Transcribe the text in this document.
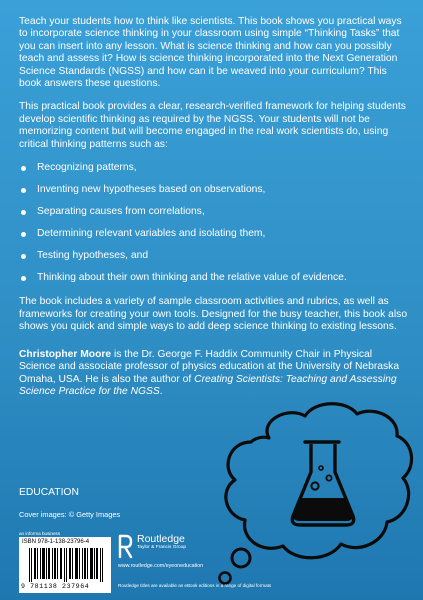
Teach your students how to think like scientists. This book shows you practical ways to incorporate science thinking in your classroom using simple “Thinking Tasks” that you can insert into any lesson. What is science thinking and how can you possibly teach and assess it? How is science thinking incorporated into the Next Generation Science Standards (NGSS) and how can it be weaved into your curriculum? This book answers these questions.

This practical book provides a clear, research-verified framework for helping students develop scientific thinking as required by the NGSS. Your students will not be memorizing content but will become engaged in the real work scientists do, using critical thinking patterns such as:

Recognizing patterns,
Inventing new hypotheses based on observations,
Separating causes from correlations,
Determining relevant variables and isolating them,
Testing hypotheses, and
Thinking about their own thinking and the relative value of evidence.

The book includes a variety of sample classroom activities and rubrics, as well as frameworks for creating your own tools. Designed for the busy teacher, this book also shows you quick and simple ways to add deep science thinking to existing lessons.

Christopher Moore is the Dr. George F. Haddix Community Chair in Physical Science and associate professor of physics education at the University of Nebraska Omaha, USA. He is also the author of Creating Scientists: Teaching and Assessing Science Practice for the NGSS.
EDUCATION
Cover images: © Getty Images
an informa business
ISBN 978-1-138-23796-4
9 781138 237964
Routledge
Taylor & Francis Group
www.routledge.com/eyeoneducation
Routledge titles are available as eBook editions in a range of digital formats
